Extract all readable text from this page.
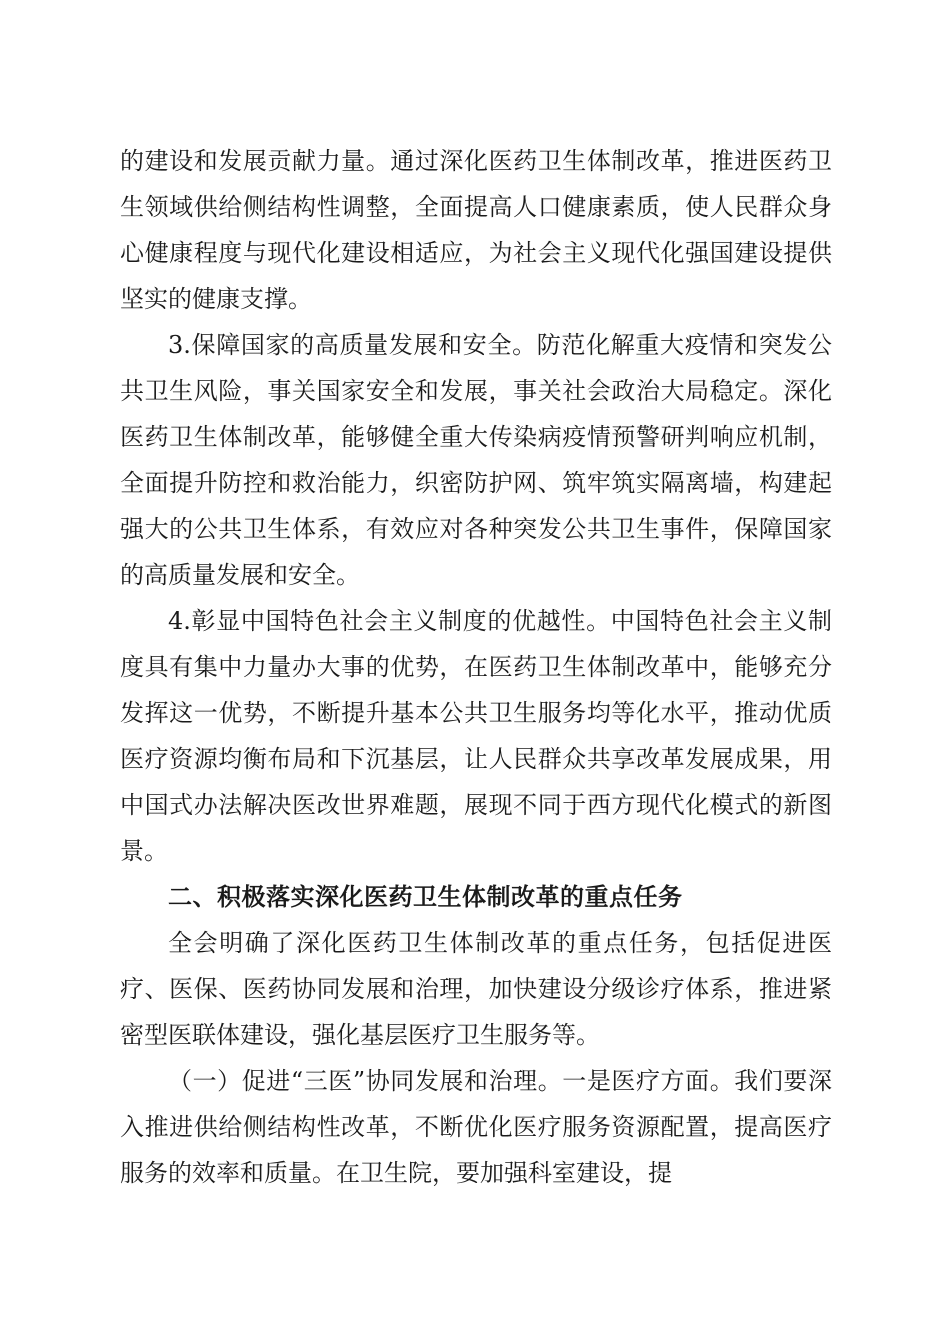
的建设和发展贡献力量。通过深化医药卫生体制改革，推进医药卫生领域供给侧结构性调整，全面提高人口健康素质，使人民群众身心健康程度与现代化建设相适应，为社会主义现代化强国建设提供坚实的健康支撑。

3.保障国家的高质量发展和安全。防范化解重大疫情和突发公共卫生风险，事关国家安全和发展，事关社会政治大局稳定。深化医药卫生体制改革，能够健全重大传染病疫情预警研判响应机制，全面提升防控和救治能力，织密防护网、筑牢筑实隔离墙，构建起强大的公共卫生体系，有效应对各种突发公共卫生事件，保障国家的高质量发展和安全。

4.彰显中国特色社会主义制度的优越性。中国特色社会主义制度具有集中力量办大事的优势，在医药卫生体制改革中，能够充分发挥这一优势，不断提升基本公共卫生服务均等化水平，推动优质医疗资源均衡布局和下沉基层，让人民群众共享改革发展成果，用中国式办法解决医改世界难题，展现不同于西方现代化模式的新图景。

二、积极落实深化医药卫生体制改革的重点任务

全会明确了深化医药卫生体制改革的重点任务，包括促进医疗、医保、医药协同发展和治理，加快建设分级诊疗体系，推进紧密型医联体建设，强化基层医疗卫生服务等。

（一）促进“三医”协同发展和治理。一是医疗方面。我们要深入推进供给侧结构性改革，不断优化医疗服务资源配置，提高医疗服务的效率和质量。在卫生院，要加强科室建设，提
